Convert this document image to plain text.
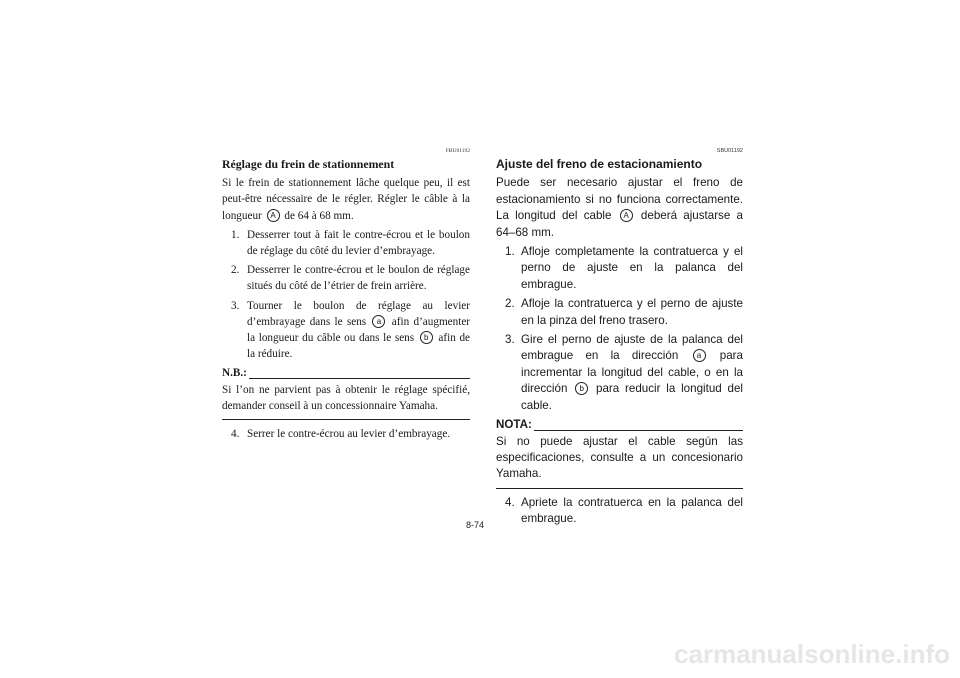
FBU01192
Réglage du frein de stationnement

Si le frein de stationnement lâche quelque peu, il est peut-être nécessaire de le régler. Régler le câble à la longueur A de 64 à 68 mm.

1. Desserrer tout à fait le contre-écrou et le boulon de réglage du côté du levier d’embrayage.
2. Desserrer le contre-écrou et le boulon de réglage situés du côté de l’étrier de frein arrière.
3. Tourner le boulon de réglage au levier d’embrayage dans le sens a afin d’augmenter la longueur du câble ou dans le sens b afin de la réduire.
N.B.:

Si l’on ne parvient pas à obtenir le réglage spécifié, demander conseil à un concessionnaire Yamaha.

4. Serrer le contre-écrou au levier d’embrayage.
SBU01192
Ajuste del freno de estacionamiento

Puede ser necesario ajustar el freno de estacionamiento si no funciona correctamente. La longitud del cable A deberá ajustarse a 64–68 mm.

1. Afloje completamente la contratuerca y el perno de ajuste en la palanca del embrague.
2. Afloje la contratuerca y el perno de ajuste en la pinza del freno trasero.
3. Gire el perno de ajuste de la palanca del embrague en la dirección a para incrementar la longitud del cable, o en la dirección b para reducir la longitud del cable.
NOTA:

Si no puede ajustar el cable según las especificaciones, consulte a un concesionario Yamaha.

4. Apriete la contratuerca en la palanca del embrague.
8-74
carmanualsonline.info
